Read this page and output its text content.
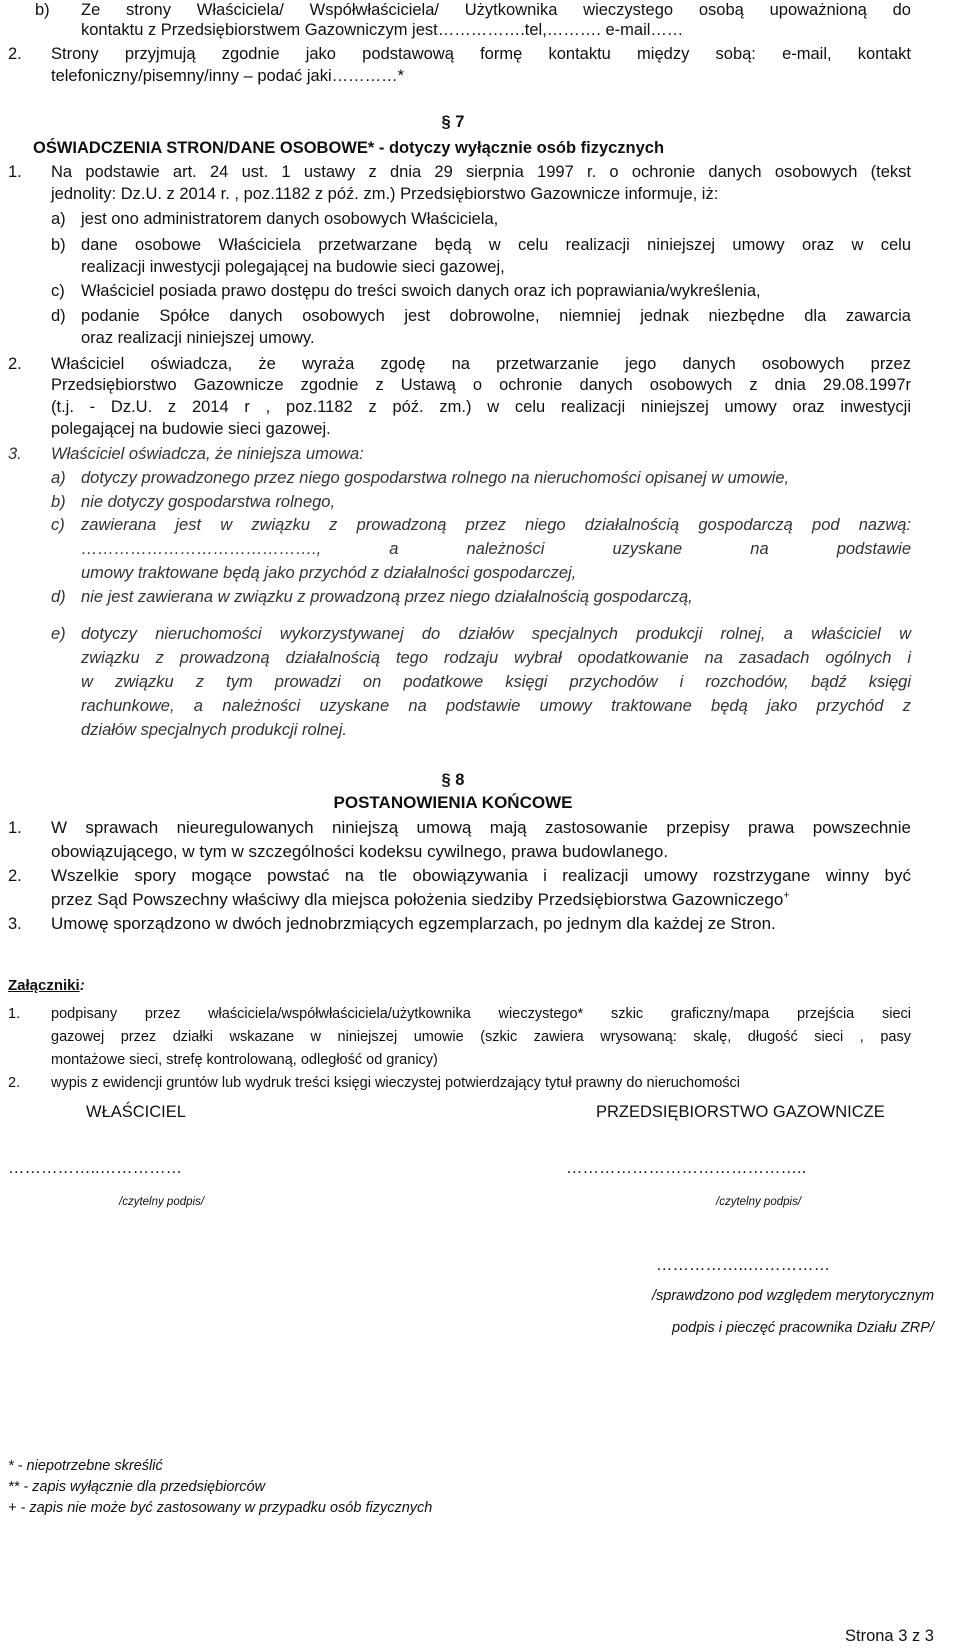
b) Ze strony Właściciela/ Współwłaściciela/ Użytkownika wieczystego osobą upoważnioną do
kontaktu z Przedsiębiorstwem Gazowniczym jest…………….tel,………. e-mail……
2. Strony przyjmują zgodnie jako podstawową formę kontaktu między sobą: e-mail, kontakt
telefoniczny/pisemny/inny – podać jaki…………*
§ 7
OŚWIADCZENIA STRON/DANE OSOBOWE* - dotyczy wyłącznie osób fizycznych
1. Na podstawie art. 24 ust. 1 ustawy z dnia 29 sierpnia 1997 r. o ochronie danych osobowych (tekst
jednolity: Dz.U. z 2014 r. , poz.1182 z póź. zm.) Przedsiębiorstwo Gazownicze informuje, iż:
a) jest ono administratorem danych osobowych Właściciela,
b) dane osobowe Właściciela przetwarzane będą w celu realizacji niniejszej umowy oraz w celu
realizacji inwestycji polegającej na budowie sieci gazowej,
c) Właściciel posiada prawo dostępu do treści swoich danych oraz ich poprawiania/wykreślenia,
d) podanie Spółce danych osobowych jest dobrowolne, niemniej jednak niezbędne dla zawarcia
oraz realizacji niniejszej umowy.
2. Właściciel oświadcza, że wyraża zgodę na przetwarzanie jego danych osobowych przez
Przedsiębiorstwo Gazownicze zgodnie z Ustawą o ochronie danych osobowych z dnia 29.08.1997r
(t.j. - Dz.U. z 2014 r , poz.1182 z póź. zm.) w celu realizacji niniejszej umowy oraz inwestycji
polegającej na budowie sieci gazowej.
3. Właściciel oświadcza, że niniejsza umowa:
a) dotyczy prowadzonego przez niego gospodarstwa rolnego na nieruchomości opisanej w umowie,
b) nie dotyczy gospodarstwa rolnego,
c) zawierana jest w związku z prowadzoną przez niego działalnością gospodarczą pod nazwą:
……………………………………., a należności uzyskane na podstawie
umowy traktowane będą jako przychód z działalności gospodarczej,
d) nie jest zawierana w związku z prowadzoną przez niego działalnością gospodarczą,
e) dotyczy nieruchomości wykorzystywanej do działów specjalnych produkcji rolnej, a właściciel w
związku z prowadzoną działalnością tego rodzaju wybrał opodatkowanie na zasadach ogólnych i
w związku z tym prowadzi on podatkowe księgi przychodów i rozchodów, bądź księgi
rachunkowe, a należności uzyskane na podstawie umowy traktowane będą jako przychód z
działów specjalnych produkcji rolnej.
§ 8
POSTANOWIENIA KOŃCOWE
1. W sprawach nieuregulowanych niniejszą umową mają zastosowanie przepisy prawa powszechnie
obowiązującego, w tym w szczególności kodeksu cywilnego, prawa budowlanego.
2. Wszelkie spory mogące powstać na tle obowiązywania i realizacji umowy rozstrzygane winny być
przez Sąd Powszechny właściwy dla miejsca położenia siedziby Przedsiębiorstwa Gazowniczego+
3. Umowę sporządzono w dwóch jednobrzmiących egzemplarzach, po jednym dla każdej ze Stron.
Załączniki:
1. podpisany przez właściciela/współwłaściciela/użytkownika wieczystego* szkic graficzny/mapa przejścia sieci
gazowej przez działki wskazane w niniejszej umowie (szkic zawiera wrysowaną: skalę, długość sieci , pasy
montażowe sieci, strefę kontrolowaną, odległość od granicy)
2. wypis z ewidencji gruntów lub wydruk treści księgi wieczystej potwierdzający tytuł prawny do nieruchomości
WŁAŚCICIEL	PRZEDSIĘBIORSTWO GAZOWNICZE
……………..……………	……………………………………..
/czytelny podpis/	/czytelny podpis/
……………..……………
/sprawdzono pod względem merytorycznym
podpis i pieczęć pracownika Działu ZRP/
* - niepotrzebne skreślić
** - zapis wyłącznie dla przedsiębiorców
+ - zapis nie może być zastosowany w przypadku osób fizycznych
Strona 3 z 3
